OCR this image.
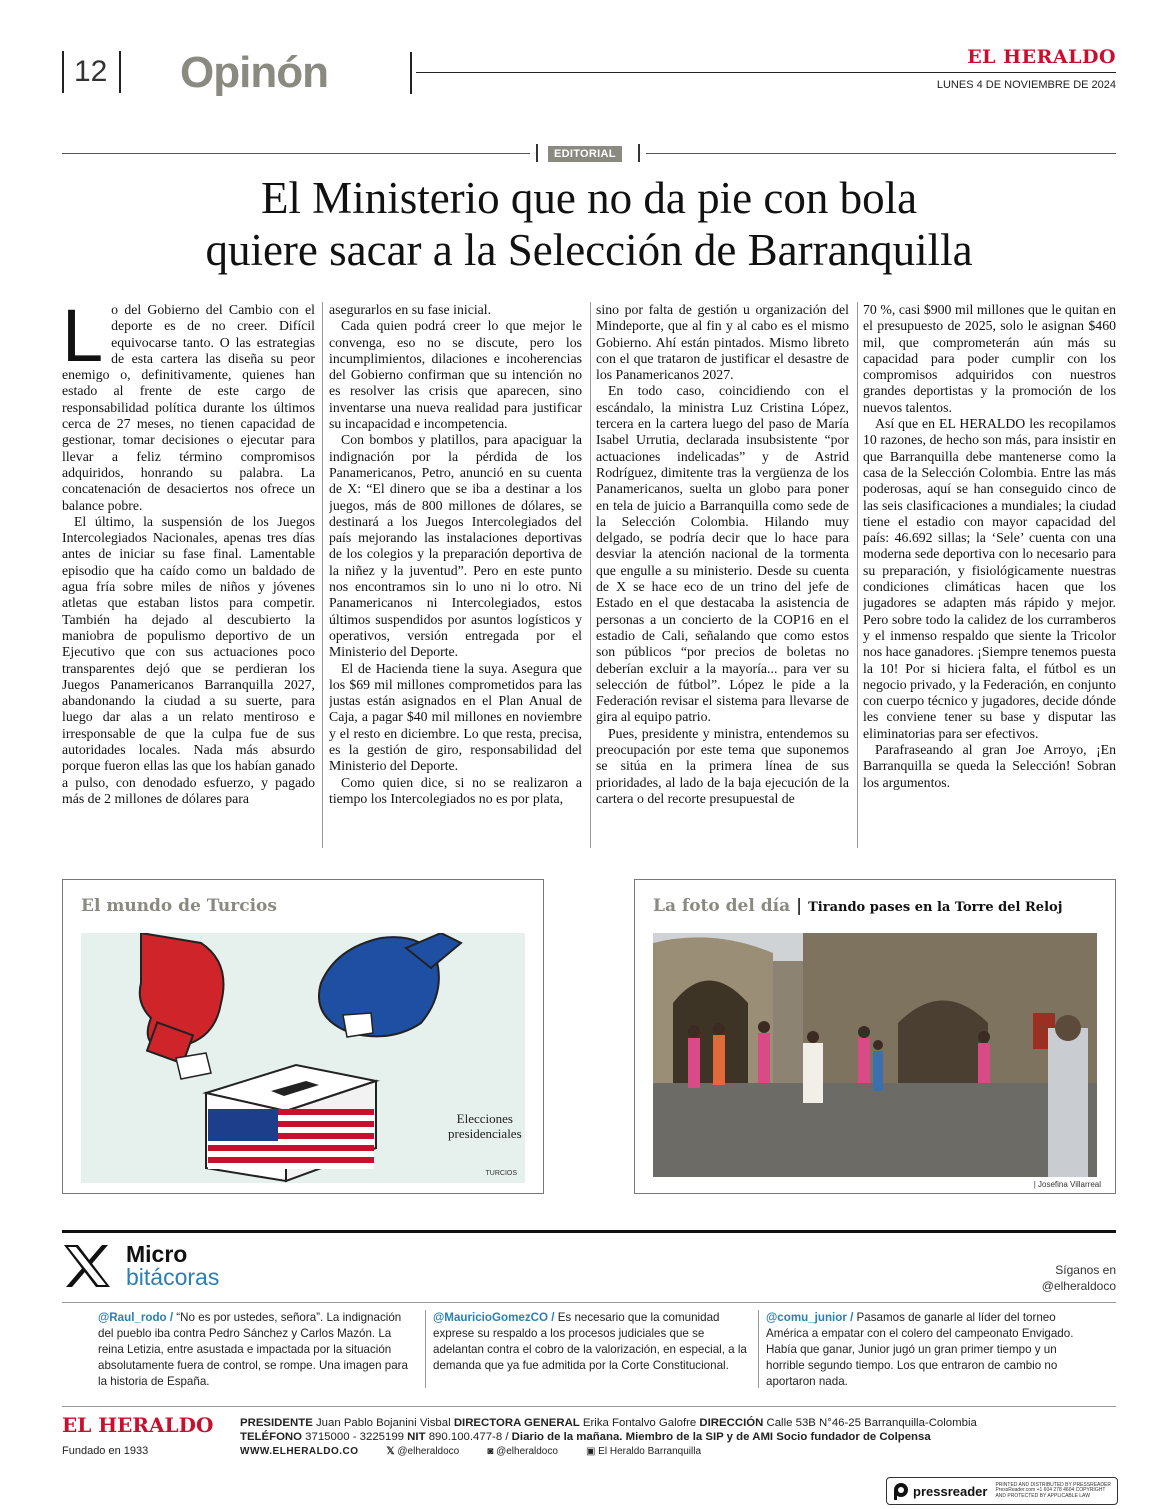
12 Opinón	EL HERALDO
LUNES 4 DE NOVIEMBRE DE 2024
EDITORIAL
El Ministerio que no da pie con bola
quiere sacar a la Selección de Barranquilla
L o del Gobierno del Cambio con el deporte es de no creer. Difícil equivocarse tanto. O las estrategias de esta cartera las diseña su peor enemigo o, definitivamente, quienes han estado al frente de este cargo de responsabilidad política durante los últimos cerca de 27 meses, no tienen capacidad de gestionar, tomar decisiones o ejecutar para llevar a feliz término compromisos adquiridos, honrando su palabra. La concatenación de desaciertos nos ofrece un balance pobre.

El último, la suspensión de los Juegos Intercolegiados Nacionales, apenas tres días antes de iniciar su fase final. Lamentable episodio que ha caído como un baldado de agua fría sobre miles de niños y jóvenes atletas que estaban listos para competir. También ha dejado al descubierto la maniobra de populismo deportivo de un Ejecutivo que con sus actuaciones poco transparentes dejó que se perdieran los Juegos Panamericanos Barranquilla 2027, abandonando la ciudad a su suerte, para luego dar alas a un relato mentiroso e irresponsable de que la culpa fue de sus autoridades locales. Nada más absurdo porque fueron ellas las que los habían ganado a pulso, con denodado esfuerzo, y pagado más de 2 millones de dólares para

asegurarlos en su fase inicial.

Cada quien podrá creer lo que mejor le convenga, eso no se discute, pero los incumplimientos, dilaciones e incoherencias del Gobierno confirman que su intención no es resolver las crisis que aparecen, sino inventarse una nueva realidad para justificar su incapacidad e incompetencia.

Con bombos y platillos, para apaciguar la indignación por la pérdida de los Panamericanos, Petro, anunció en su cuenta de X: “El dinero que se iba a destinar a los juegos, más de 800 millones de dólares, se destinará a los Juegos Intercolegiados del país mejorando las instalaciones deportivas de los colegios y la preparación deportiva de la niñez y la juventud”. Pero en este punto nos encontramos sin lo uno ni lo otro. Ni Panamericanos ni Intercolegiados, estos últimos suspendidos por asuntos logísticos y operativos, versión entregada por el Ministerio del Deporte.

El de Hacienda tiene la suya. Asegura que los $69 mil millones comprometidos para las justas están asignados en el Plan Anual de Caja, a pagar $40 mil millones en noviembre y el resto en diciembre. Lo que resta, precisa, es la gestión de giro, responsabilidad del Ministerio del Deporte.

Como quien dice, si no se realizaron a tiempo los Intercolegiados no es por plata,

sino por falta de gestión u organización del Mindeporte, que al fin y al cabo es el mismo Gobierno. Ahí están pintados. Mismo libreto con el que trataron de justificar el desastre de los Panamericanos 2027.

En todo caso, coincidiendo con el escándalo, la ministra Luz Cristina López, tercera en la cartera luego del paso de María Isabel Urrutia, declarada insubsistente “por actuaciones indelicadas” y de Astrid Rodríguez, dimitente tras la vergüenza de los Panamericanos, suelta un globo para poner en tela de juicio a Barranquilla como sede de la Selección Colombia. Hilando muy delgado, se podría decir que lo hace para desviar la atención nacional de la tormenta que engulle a su ministerio. Desde su cuenta de X se hace eco de un trino del jefe de Estado en el que destacaba la asistencia de personas a un concierto de la COP16 en el estadio de Cali, señalando que como estos son públicos “por precios de boletas no deberían excluir a la mayoría... para ver su selección de fútbol”. López le pide a la Federación revisar el sistema para llevarse de gira al equipo patrio.

Pues, presidente y ministra, entendemos su preocupación por este tema que suponemos se sitúa en la primera línea de sus prioridades, al lado de la baja ejecución de la cartera o del recorte presupuestal de

70 %, casi $900 mil millones que le quitan en el presupuesto de 2025, solo le asignan $460 mil, que comprometerán aún más su capacidad para poder cumplir con los compromisos adquiridos con nuestros grandes deportistas y la promoción de los nuevos talentos.

Así que en EL HERALDO les recopilamos 10 razones, de hecho son más, para insistir en que Barranquilla debe mantenerse como la casa de la Selección Colombia. Entre las más poderosas, aquí se han conseguido cinco de las seis clasificaciones a mundiales; la ciudad tiene el estadio con mayor capacidad del país: 46.692 sillas; la ‘Sele’ cuenta con una moderna sede deportiva con lo necesario para su preparación, y fisiológicamente nuestras condiciones climáticas hacen que los jugadores se adapten más rápido y mejor. Pero sobre todo la calidez de los curramberos y el inmenso respaldo que siente la Tricolor nos hace ganadores. ¡Siempre tenemos puesta la 10! Por si hiciera falta, el fútbol es un negocio privado, y la Federación, en conjunto con cuerpo técnico y jugadores, decide dónde les conviene tener su base y disputar las eliminatorias para ser efectivos.

Parafraseando al gran Joe Arroyo, ¡En Barranquilla se queda la Selección! Sobran los argumentos.

El mundo de Turcios
Elecciones
presidenciales
TURCIOS
La foto del día | Tirando pases en la Torre del Reloj
| Josefina Villarreal
Micro
bitácoras	Síganos en
@elheraldoco
@Raul_rodo / “No es por ustedes, señora”. La indignación del pueblo iba contra Pedro Sánchez y Carlos Mazón. La reina Letizia, entre asustada e impactada por la situación absolutamente fuera de control, se rompe. Una imagen para la historia de España.
@MauricioGomezCO / Es necesario que la comunidad exprese su respaldo a los procesos judiciales que se adelantan contra el cobro de la valorización, en especial, a la demanda que ya fue admitida por la Corte Constitucional.
@comu_junior / Pasamos de ganarle al líder del torneo América a empatar con el colero del campeonato Envigado. Había que ganar, Junior jugó un gran primer tiempo y un horrible segundo tiempo. Los que entraron de cambio no aportaron nada.
EL HERALDO
Fundado en 1933
PRESIDENTE Juan Pablo Bojanini Visbal DIRECTORA GENERAL Erika Fontalvo Galofre DIRECCIÓN Calle 53B N°46-25 Barranquilla-Colombia
TELÉFONO 3715000 - 3225199 NIT 890.100.477-8 / Diario de la mañana. Miembro de la SIP y de AMI Socio fundador de Colpensa
WWW.ELHERALDO.CO	𝕏 @elheraldoco	◙ @elheraldoco	▣ El Heraldo Barranquilla
pressreader PRINTED AND DISTRIBUTED BY PRESSREADER PressReader.com +1 604 278 4604 COPYRIGHT AND PROTECTED BY APPLICABLE LAW
